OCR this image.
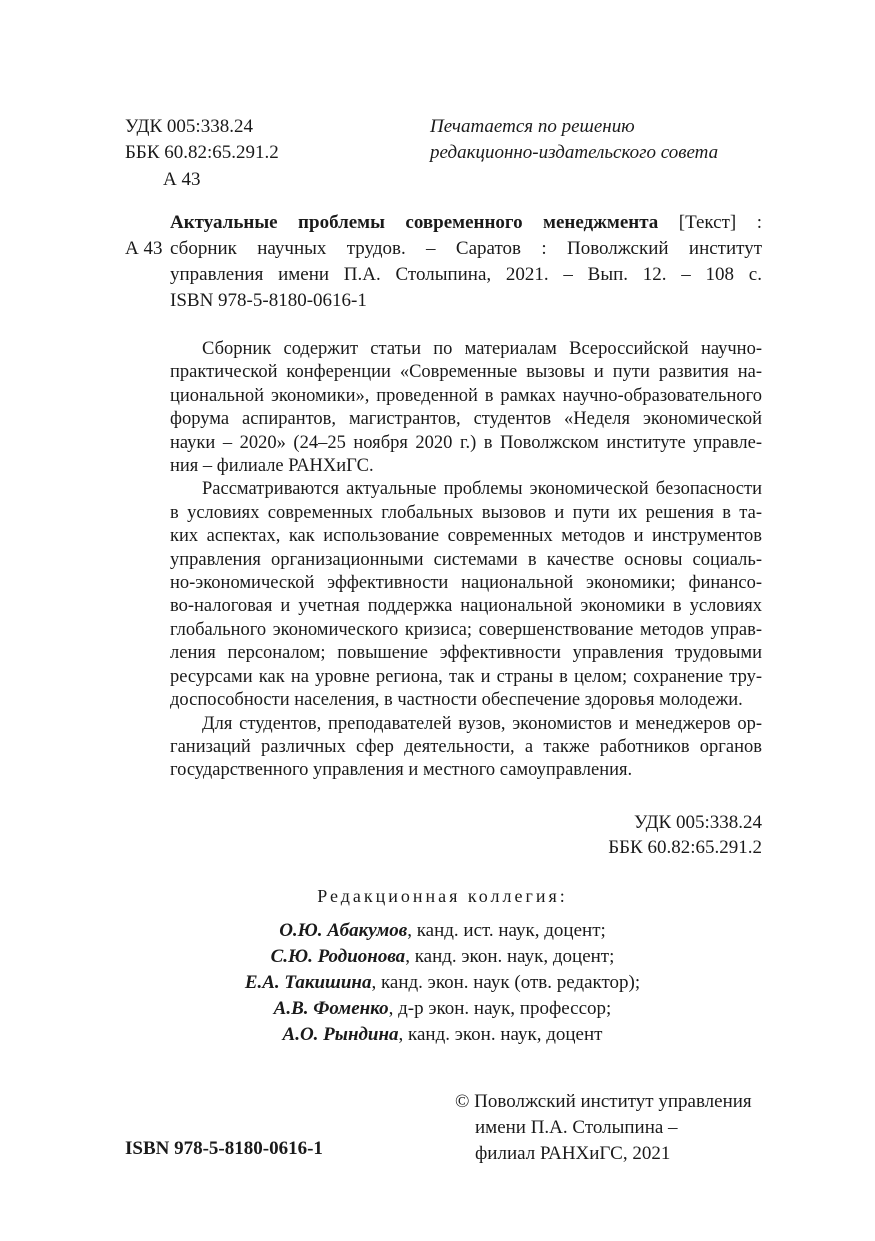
УДК 005:338.24
ББК 60.82:65.291.2
А 43
Печатается по решению
редакционно-издательского совета
А 43

Актуальные проблемы современного менеджмента [Текст] :

сборник научных трудов. – Саратов : Поволжский институт

управления имени П.А. Столыпина, 2021. – Вып. 12. – 108 с.

ISBN 978-5-8180-0616-1

Сборник содержит статьи по материалам Всероссийской научно-
практической конференции «Современные вызовы и пути развития на-
циональной экономики», проведенной в рамках научно-образовательного
форума аспирантов, магистрантов, студентов «Неделя экономической
науки – 2020» (24–25 ноября 2020 г.) в Поволжском институте управле-
ния – филиале РАНХиГС.

Рассматриваются актуальные проблемы экономической безопасности
в условиях современных глобальных вызовов и пути их решения в та-
ких аспектах, как использование современных методов и инструментов
управления организационными системами в качестве основы социаль-
но-экономической эффективности национальной экономики; финансо-
во-налоговая и учетная поддержка национальной экономики в условиях
глобального экономического кризиса; совершенствование методов управ-
ления персоналом; повышение эффективности управления трудовыми
ресурсами как на уровне региона, так и страны в целом; сохранение тру-
доспособности населения, в частности обеспечение здоровья молодежи.

Для студентов, преподавателей вузов, экономистов и менеджеров ор-
ганизаций различных сфер деятельности, а также работников органов
государственного управления и местного самоуправления.

УДК 005:338.24
ББК 60.82:65.291.2
Редакционная коллегия:
О.Ю. Абакумов, канд. ист. наук, доцент;
С.Ю. Родионова, канд. экон. наук, доцент;
Е.А. Такишина, канд. экон. наук (отв. редактор);
А.В. Фоменко, д-р экон. наук, профессор;
А.О. Рындина, канд. экон. наук, доцент
© Поволжский институт управления
имени П.А. Столыпина –
филиал РАНХиГС, 2021
ISBN 978-5-8180-0616-1
